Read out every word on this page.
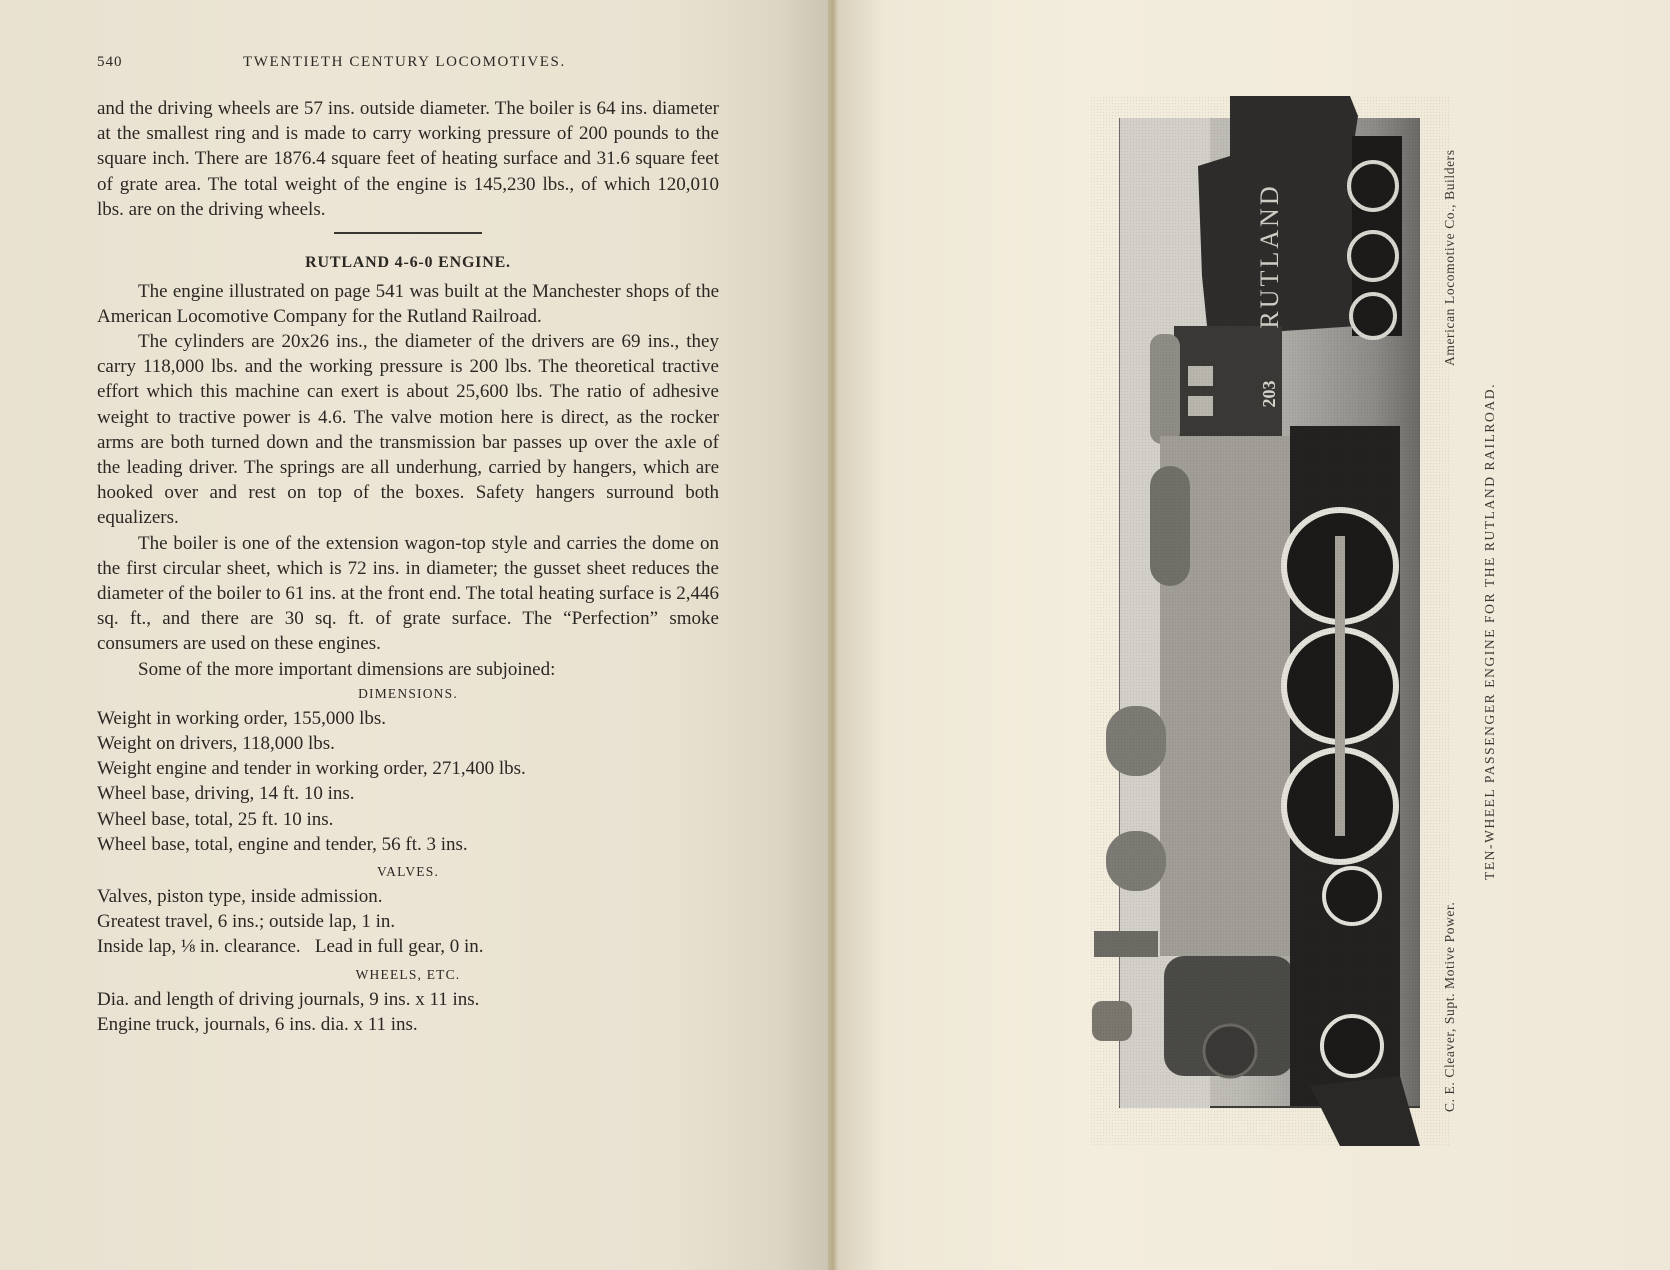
540	TWENTIETH CENTURY LOCOMOTIVES.

and the driving wheels are 57 ins. outside diameter. The boiler is 64 ins. diameter at the smallest ring and is made to carry working pressure of 200 pounds to the square inch. There are 1876.4 square feet of heating surface and 31.6 square feet of grate area. The total weight of the engine is 145,230 lbs., of which 120,010 lbs. are on the driving wheels.

RUTLAND 4-6-0 ENGINE.

The engine illustrated on page 541 was built at the Manchester shops of the American Locomotive Company for the Rutland Railroad.

The cylinders are 20x26 ins., the diameter of the drivers are 69 ins., they carry 118,000 lbs. and the working pressure is 200 lbs. The theoretical tractive effort which this machine can exert is about 25,600 lbs. The ratio of adhesive weight to tractive power is 4.6. The valve motion here is direct, as the rocker arms are both turned down and the transmission bar passes up over the axle of the leading driver. The springs are all underhung, carried by hangers, which are hooked over and rest on top of the boxes. Safety hangers surround both equalizers.

The boiler is one of the extension wagon-top style and carries the dome on the first circular sheet, which is 72 ins. in diameter; the gusset sheet reduces the diameter of the boiler to 61 ins. at the front end. The total heating surface is 2,446 sq. ft., and there are 30 sq. ft. of grate surface. The “Perfection” smoke consumers are used on these engines.

Some of the more important dimensions are subjoined:

DIMENSIONS.
Weight in working order, 155,000 lbs.
Weight on drivers, 118,000 lbs.
Weight engine and tender in working order, 271,400 lbs.
Wheel base, driving, 14 ft. 10 ins.
Wheel base, total, 25 ft. 10 ins.
Wheel base, total, engine and tender, 56 ft. 3 ins.
VALVES.
Valves, piston type, inside admission.
Greatest travel, 6 ins.; outside lap, 1 in.
Inside lap, ⅛ in. clearance.   Lead in full gear, 0 in.
WHEELS, ETC.
Dia. and length of driving journals, 9 ins. x 11 ins.
Engine truck, journals, 6 ins. dia. x 11 ins.
RUTLAND
203
American Locomotive Co., Builders
C. E. Cleaver, Supt. Motive Power.
TEN-WHEEL PASSENGER ENGINE FOR THE RUTLAND RAILROAD.
